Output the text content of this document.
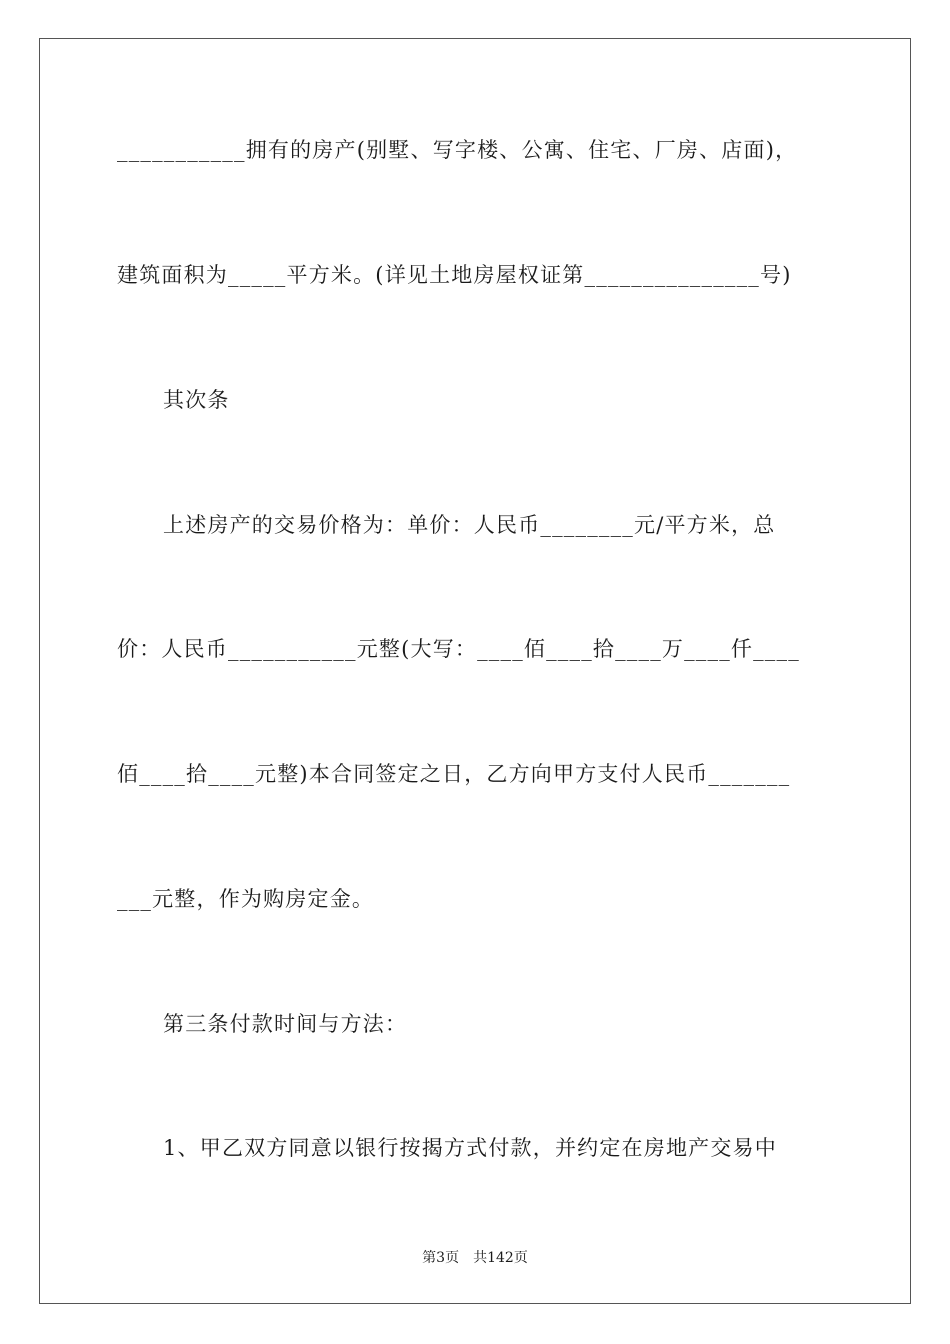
___________拥有的房产(别墅、写字楼、公寓、住宅、厂房、店面)，
建筑面积为_____平方米。(详见土地房屋权证第_______________号)
其次条
上述房产的交易价格为：单价：人民币________元/平方米，总
价：人民币___________元整(大写：____佰____拾____万____仟____
佰____拾____元整)本合同签定之日，乙方向甲方支付人民币_______
___元整，作为购房定金。
第三条付款时间与方法：
1、甲乙双方同意以银行按揭方式付款，并约定在房地产交易中
第3页 共142页
